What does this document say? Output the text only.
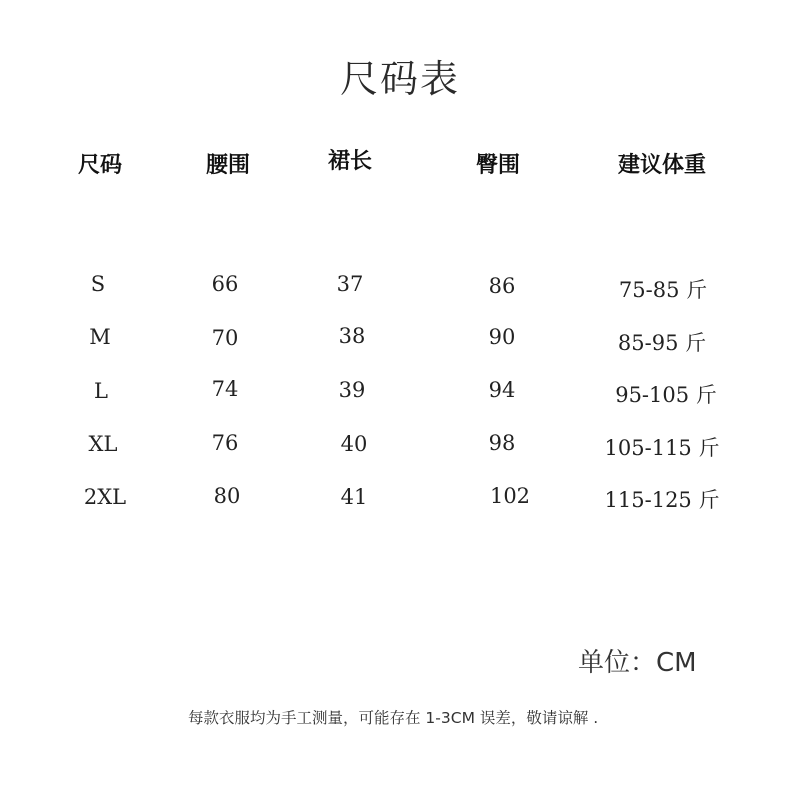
尺码表
尺码	腰围	裙长	臀围	建议体重
S	66	37	86	75-85 斤
M	70	38	90	85-95 斤
L	74	39	94	95-105 斤
XL	76	40	98	105-115 斤
2XL	80	41	102	115-125 斤
单位：CM
每款衣服均为手工测量，可能存在 1-3CM 误差，敬请谅解 .
